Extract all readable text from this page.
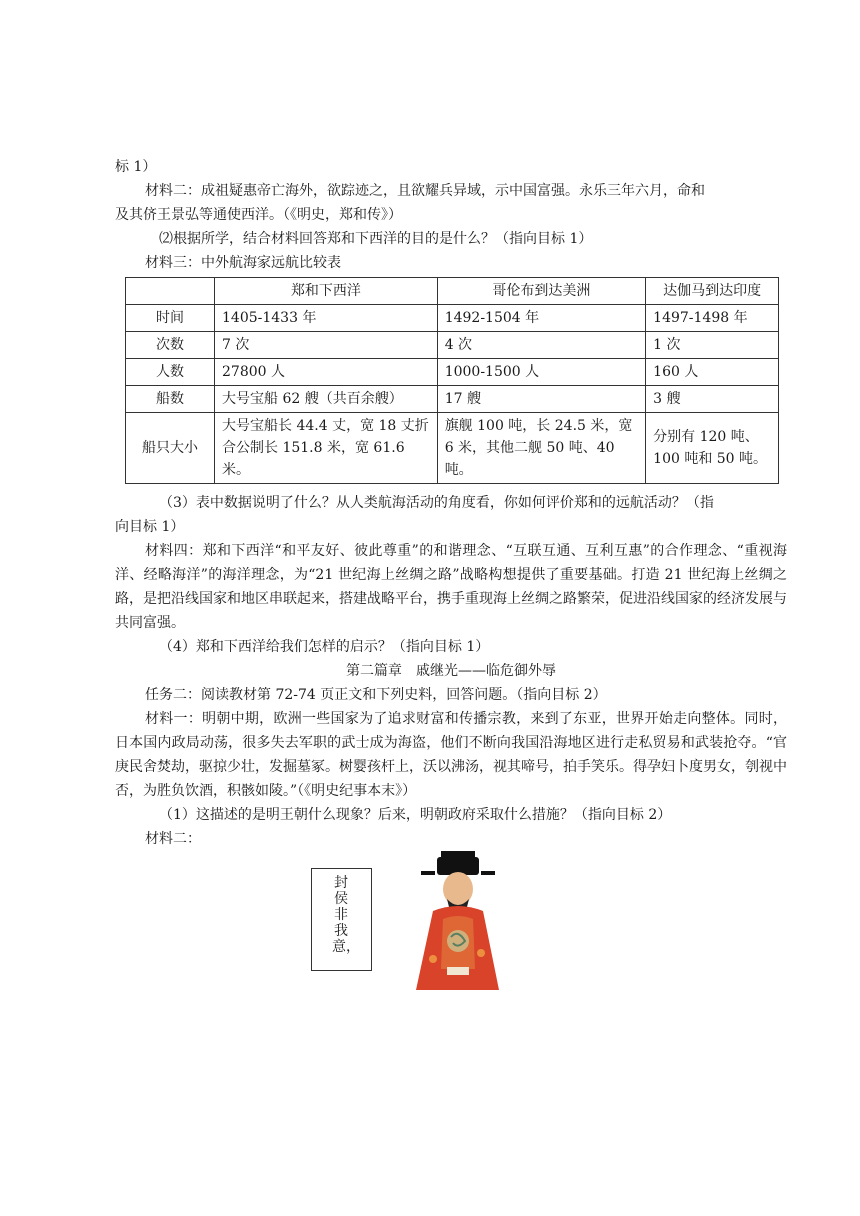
标 1）
材料二：成祖疑惠帝亡海外，欲踪迹之，且欲耀兵异域，示中国富强。永乐三年六月，命和
及其侪王景弘等通使西洋。（《明史，郑和传》）
⑵根据所学，结合材料回答郑和下西洋的目的是什么？（指向目标 1）
材料三：中外航海家远航比较表
	郑和下西洋	哥伦布到达美洲	达伽马到达印度
时间	1405-1433 年	1492-1504 年	1497-1498 年
次数	7 次	4 次	1 次
人数	27800 人	1000-1500 人	160 人
船数	大号宝船 62 艘（共百余艘）	17 艘	3 艘
船只大小	大号宝船长 44.4 丈，宽 18 丈折合公制长 151.8 米，宽 61.6 米。	旗舰 100 吨，长 24.5 米，宽 6 米，其他二舰 50 吨、40 吨。	分别有 120 吨、100 吨和 50 吨。
（3）表中数据说明了什么？从人类航海活动的角度看，你如何评价郑和的远航活动？（指
向目标 1）
材料四：郑和下西洋“和平友好、彼此尊重”的和谐理念、“互联互通、互利互惠”的合作理念、“重视海洋、经略海洋”的海洋理念，为“21 世纪海上丝绸之路”战略构想提供了重要基础。打造 21 世纪海上丝绸之路，是把沿线国家和地区串联起来，搭建战略平台，携手重现海上丝绸之路繁荣，促进沿线国家的经济发展与共同富强。
（4）郑和下西洋给我们怎样的启示？（指向目标 1）
第二篇章　戚继光——临危御外辱
任务二：阅读教材第 72-74 页正文和下列史料，回答问题。（指向目标 2）
材料一：明朝中期，欧洲一些国家为了追求财富和传播宗教，来到了东亚，世界开始走向整体。同时，日本国内政局动荡，很多失去军职的武士成为海盗，他们不断向我国沿海地区进行走私贸易和武装抢夺。“官庚民舍焚劫，驱掠少壮，发掘墓冢。树婴孩杆上，沃以沸汤，视其啼号，拍手笑乐。得孕妇卜度男女，刳视中否，为胜负饮酒，积骸如陵。”（《明史纪事本末》）
（1）这描述的是明王朝什么现象？后来，明朝政府采取什么措施？（指向目标 2）
材料二：
封侯非我意，
